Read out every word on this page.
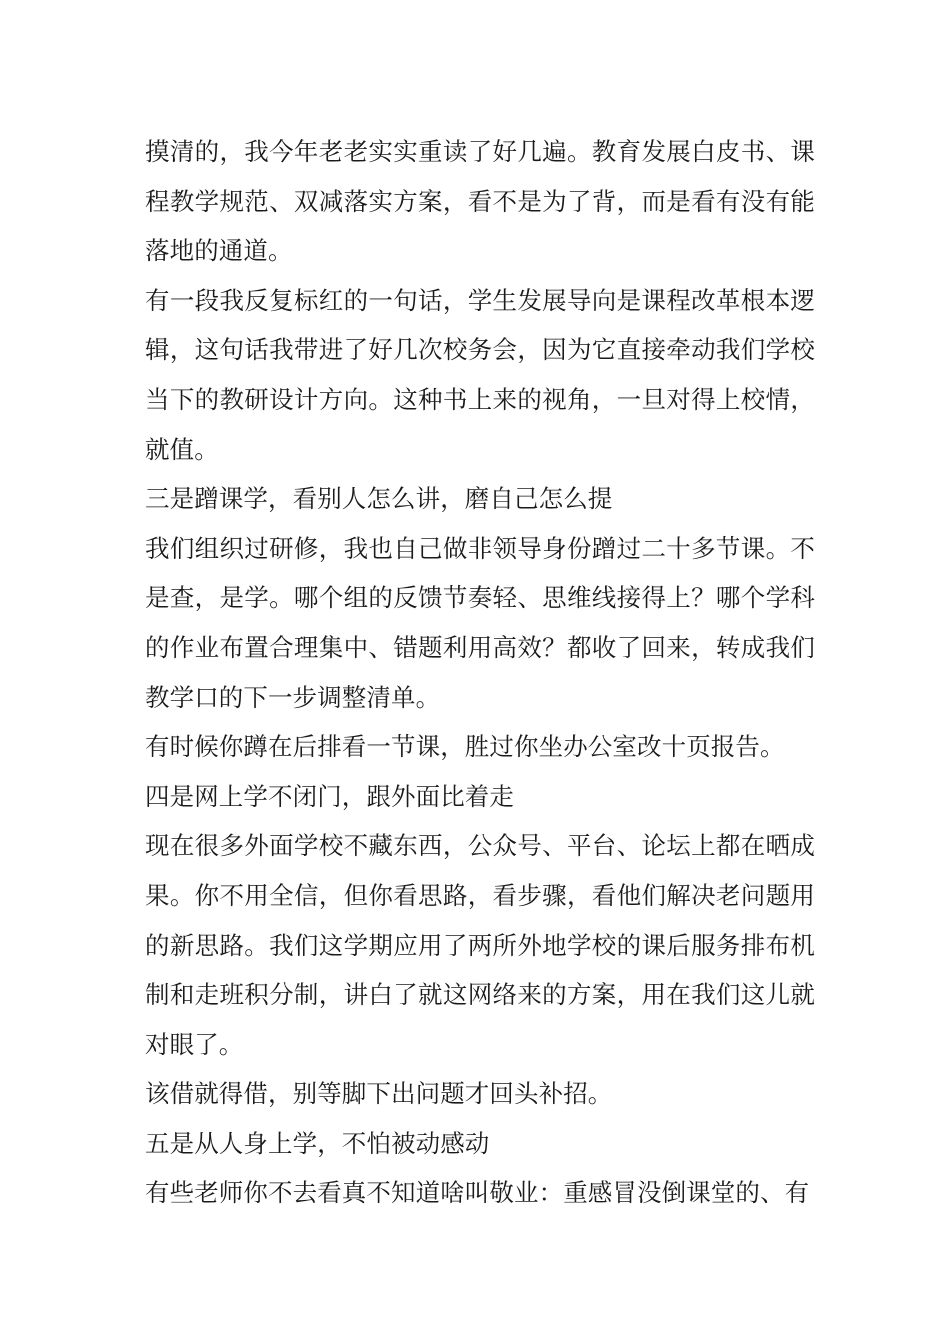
摸清的，我今年老老实实重读了好几遍。教育发展白皮书、课程教学规范、双减落实方案，看不是为了背，而是看有没有能落地的通道。

有一段我反复标红的一句话，学生发展导向是课程改革根本逻辑，这句话我带进了好几次校务会，因为它直接牵动我们学校当下的教研设计方向。这种书上来的视角，一旦对得上校情，就值。

三是蹭课学，看别人怎么讲，磨自己怎么提

我们组织过研修，我也自己做非领导身份蹭过二十多节课。不是查，是学。哪个组的反馈节奏轻、思维线接得上？哪个学科的作业布置合理集中、错题利用高效？都收了回来，转成我们教学口的下一步调整清单。

有时候你蹲在后排看一节课，胜过你坐办公室改十页报告。

四是网上学不闭门，跟外面比着走

现在很多外面学校不藏东西，公众号、平台、论坛上都在晒成果。你不用全信，但你看思路，看步骤，看他们解决老问题用的新思路。我们这学期应用了两所外地学校的课后服务排布机制和走班积分制，讲白了就这网络来的方案，用在我们这儿就对眼了。

该借就得借，别等脚下出问题才回头补招。

五是从人身上学，不怕被动感动

有些老师你不去看真不知道啥叫敬业：重感冒没倒课堂的、有
